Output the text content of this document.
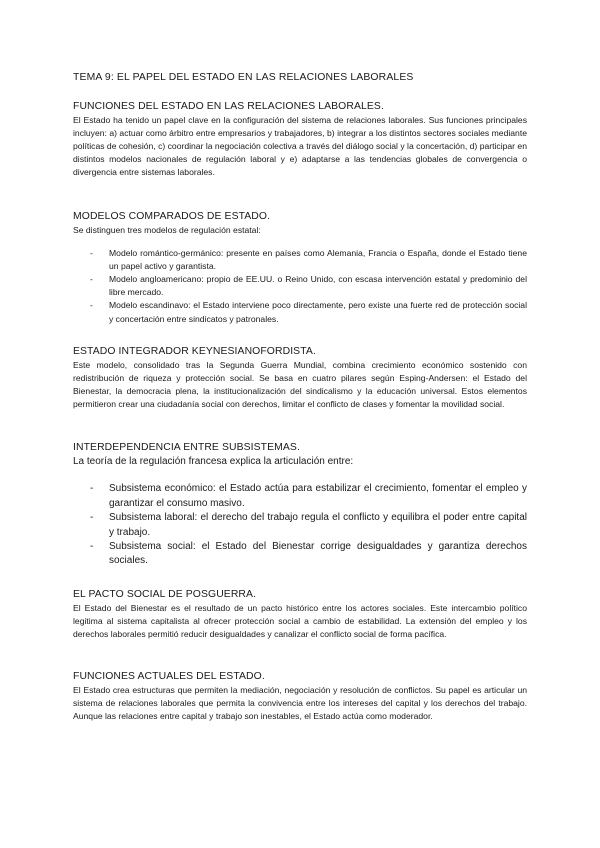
TEMA 9: EL PAPEL DEL ESTADO EN LAS RELACIONES LABORALES
FUNCIONES DEL ESTADO EN LAS RELACIONES LABORALES.

El Estado ha tenido un papel clave en la configuración del sistema de relaciones laborales. Sus funciones principales incluyen: a) actuar como árbitro entre empresarios y trabajadores, b) integrar a los distintos sectores sociales mediante políticas de cohesión, c) coordinar la negociación colectiva a través del diálogo social y la concertación, d) participar en distintos modelos nacionales de regulación laboral y e) adaptarse a las tendencias globales de convergencia o divergencia entre sistemas laborales.

MODELOS COMPARADOS DE ESTADO.

Se distinguen tres modelos de regulación estatal:

- Modelo romántico-germánico: presente en países como Alemania, Francia o España, donde el Estado tiene un papel activo y garantista.
- Modelo angloamericano: propio de EE.UU. o Reino Unido, con escasa intervención estatal y predominio del libre mercado.
- Modelo escandinavo: el Estado interviene poco directamente, pero existe una fuerte red de protección social y concertación entre sindicatos y patronales.
ESTADO INTEGRADOR KEYNESIANOFORDISTA.

Este modelo, consolidado tras la Segunda Guerra Mundial, combina crecimiento económico sostenido con redistribución de riqueza y protección social. Se basa en cuatro pilares según Esping-Andersen: el Estado del Bienestar, la democracia plena, la institucionalización del sindicalismo y la educación universal. Estos elementos permitieron crear una ciudadanía social con derechos, limitar el conflicto de clases y fomentar la movilidad social.

INTERDEPENDENCIA ENTRE SUBSISTEMAS.

La teoría de la regulación francesa explica la articulación entre:

- Subsistema económico: el Estado actúa para estabilizar el crecimiento, fomentar el empleo y garantizar el consumo masivo.
- Subsistema laboral: el derecho del trabajo regula el conflicto y equilibra el poder entre capital y trabajo.
- Subsistema social: el Estado del Bienestar corrige desigualdades y garantiza derechos sociales.
EL PACTO SOCIAL DE POSGUERRA.

El Estado del Bienestar es el resultado de un pacto histórico entre los actores sociales. Este intercambio político legitima al sistema capitalista al ofrecer protección social a cambio de estabilidad. La extensión del empleo y los derechos laborales permitió reducir desigualdades y canalizar el conflicto social de forma pacífica.

FUNCIONES ACTUALES DEL ESTADO.

El Estado crea estructuras que permiten la mediación, negociación y resolución de conflictos. Su papel es articular un sistema de relaciones laborales que permita la convivencia entre los intereses del capital y los derechos del trabajo. Aunque las relaciones entre capital y trabajo son inestables, el Estado actúa como moderador.
